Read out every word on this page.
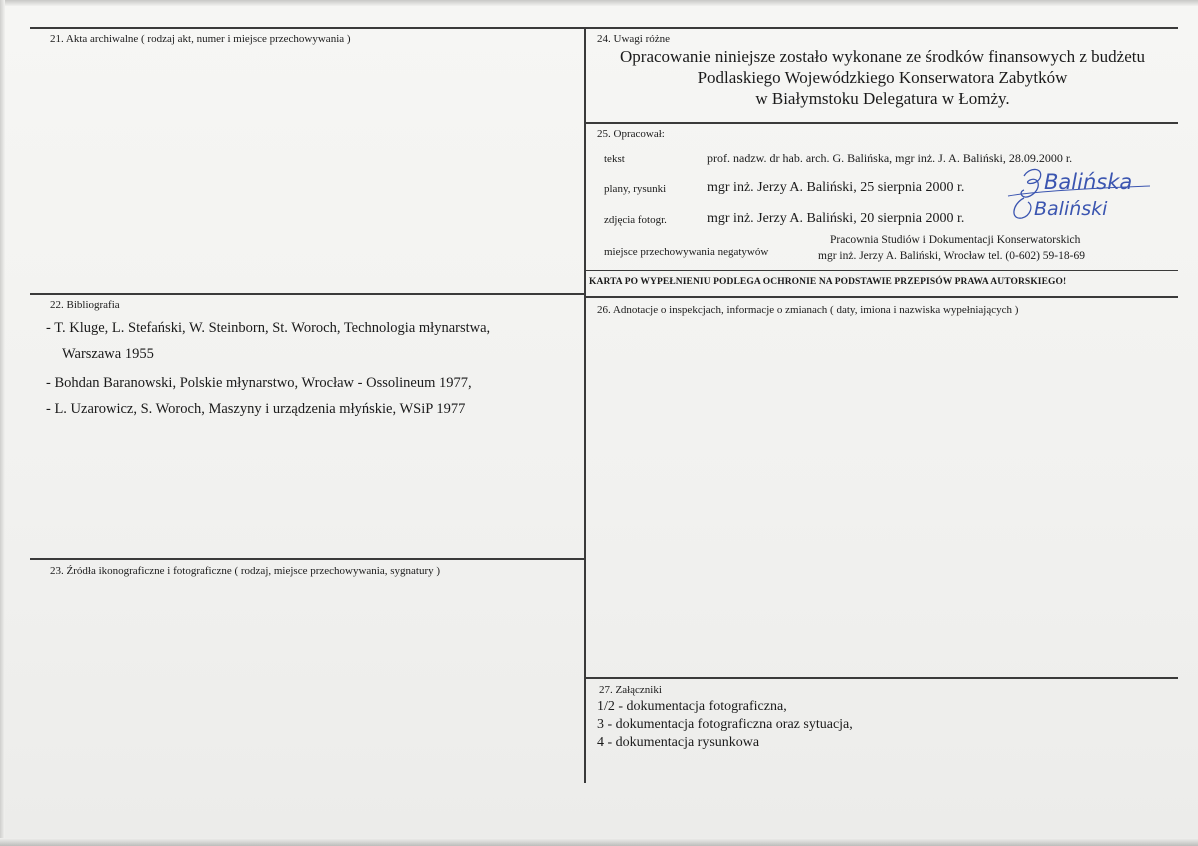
21. Akta archiwalne ( rodzaj akt, numer i miejsce przechowywania )
22. Bibliografia
- T. Kluge, L. Stefański, W. Steinborn, St. Woroch, Technologia młynarstwa,
Warszawa 1955
- Bohdan Baranowski, Polskie młynarstwo, Wrocław - Ossolineum 1977,
- L. Uzarowicz, S. Woroch, Maszyny i urządzenia młyńskie, WSiP 1977
23. Źródła ikonograficzne i fotograficzne ( rodzaj, miejsce przechowywania, sygnatury )
24. Uwagi różne
Opracowanie niniejsze zostało wykonane ze środków finansowych z budżetu
Podlaskiego Wojewódzkiego Konserwatora Zabytków
w Białymstoku Delegatura w Łomży.
25. Opracował:
tekst	prof. nadzw. dr hab. arch. G. Balińska, mgr inż. J. A. Baliński, 28.09.2000 r.
plany, rysunki	mgr inż. Jerzy A. Baliński, 25 sierpnia 2000 r.
zdjęcia fotogr.	mgr inż. Jerzy A. Baliński, 20 sierpnia 2000 r.
miejsce przechowywania negatywów
Pracownia Studiów i Dokumentacji Konserwatorskich
mgr inż. Jerzy A. Baliński, Wrocław tel. (0-602) 59-18-69
KARTA PO WYPEŁNIENIU PODLEGA OCHRONIE NA PODSTAWIE PRZEPISÓW PRAWA AUTORSKIEGO!
Balińska
Baliński
26. Adnotacje o inspekcjach, informacje o zmianach ( daty, imiona i nazwiska wypełniających )
27. Załączniki
1/2 - dokumentacja fotograficzna,
3 - dokumentacja fotograficzna oraz sytuacja,
4 - dokumentacja rysunkowa
